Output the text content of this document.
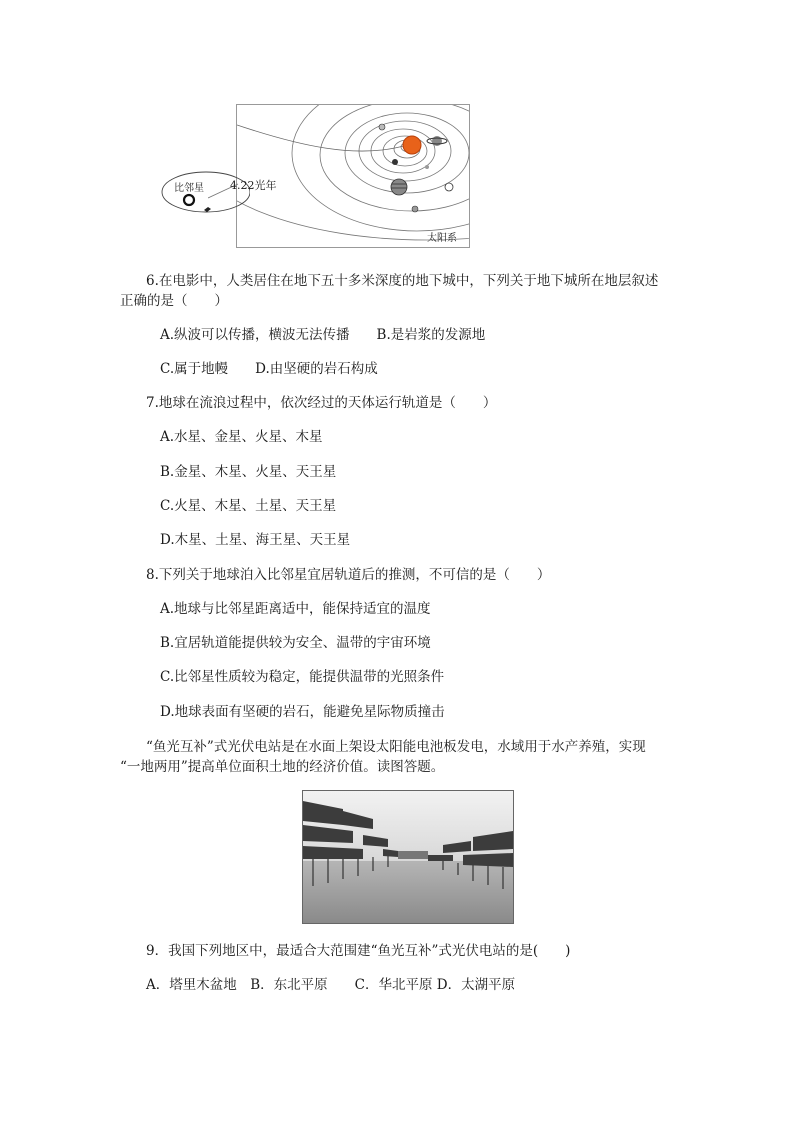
太阳系
比邻星 4.22光年
6.在电影中，人类居住在地下五十多米深度的地下城中，下列关于地下城所在地层叙述
正确的是（　　）
A.纵波可以传播，横波无法传播　　B.是岩浆的发源地
C.属于地幔　　D.由坚硬的岩石构成
7.地球在流浪过程中，依次经过的天体运行轨道是（　　）
A.水星、金星、火星、木星
B.金星、木星、火星、天王星
C.火星、木星、土星、天王星
D.木星、土星、海王星、天王星
8.下列关于地球泊入比邻星宜居轨道后的推测，不可信的是（　　）
A.地球与比邻星距离适中，能保持适宜的温度
B.宜居轨道能提供较为安全、温带的宇宙环境
C.比邻星性质较为稳定，能提供温带的光照条件
D.地球表面有坚硬的岩石，能避免星际物质撞击
“鱼光互补”式光伏电站是在水面上架设太阳能电池板发电，水域用于水产养殖，实现
“一地两用”提高单位面积土地的经济价值。读图答题。
9．我国下列地区中，最适合大范围建“鱼光互补”式光伏电站的是(　　)
A．塔里木盆地　B．东北平原　　C．华北平原 D．太湖平原
